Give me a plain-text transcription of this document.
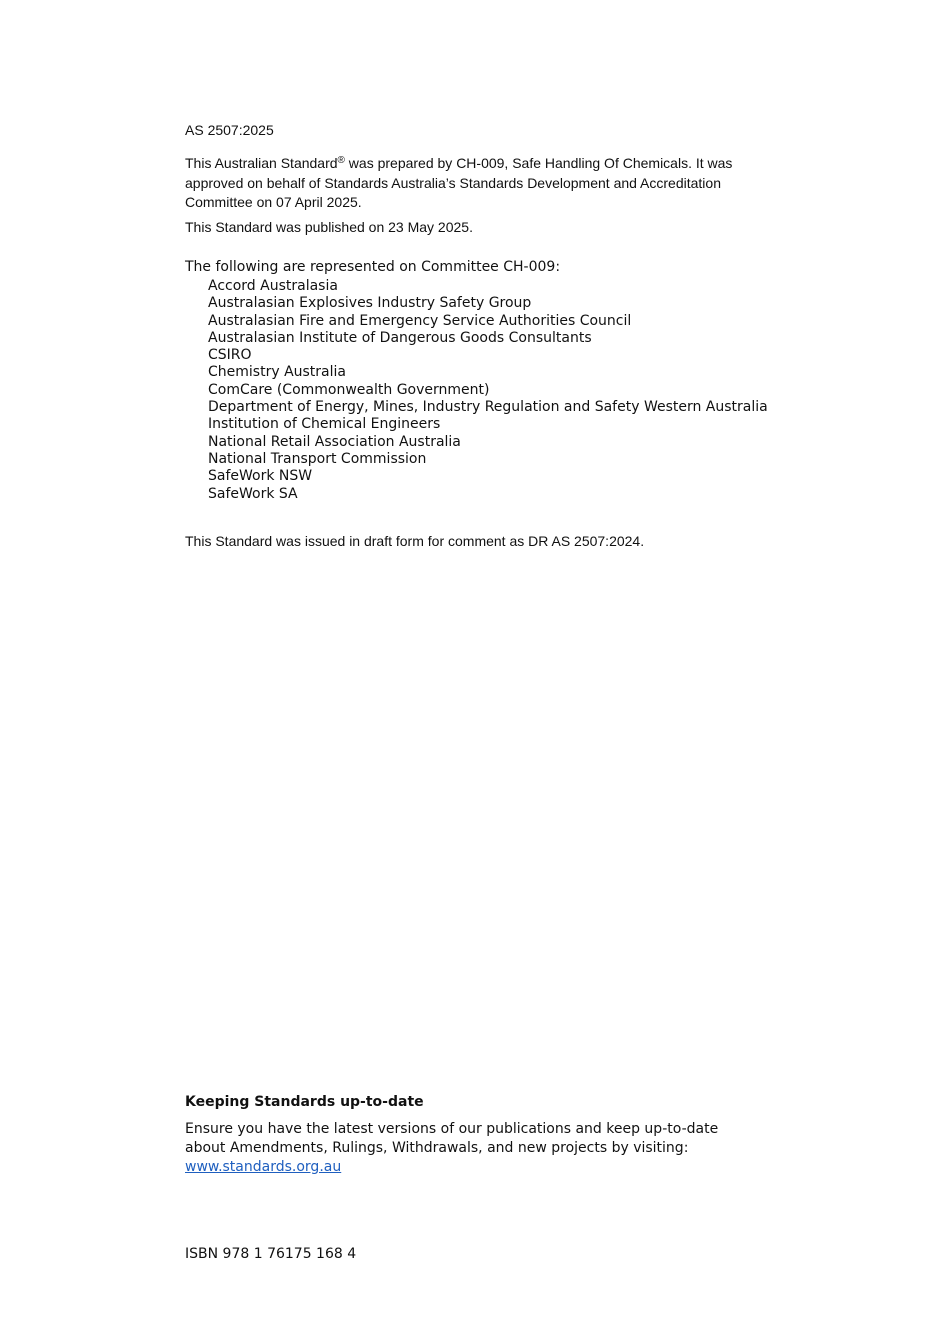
AS 2507:2025
This Australian Standard® was prepared by CH-009, Safe Handling Of Chemicals. It was approved on behalf of Standards Australia’s Standards Development and Accreditation Committee on 07 April 2025.
This Standard was published on 23 May 2025.
The following are represented on Committee CH-009:
Accord Australasia
Australasian Explosives Industry Safety Group
Australasian Fire and Emergency Service Authorities Council
Australasian Institute of Dangerous Goods Consultants
CSIRO
Chemistry Australia
ComCare (Commonwealth Government)
Department of Energy, Mines, Industry Regulation and Safety Western Australia
Institution of Chemical Engineers
National Retail Association Australia
National Transport Commission
SafeWork NSW
SafeWork SA
This Standard was issued in draft form for comment as DR AS 2507:2024.
Keeping Standards up-to-date
Ensure you have the latest versions of our publications and keep up-to-date about Amendments, Rulings, Withdrawals, and new projects by visiting:
www.standards.org.au
ISBN 978 1 76175 168 4
